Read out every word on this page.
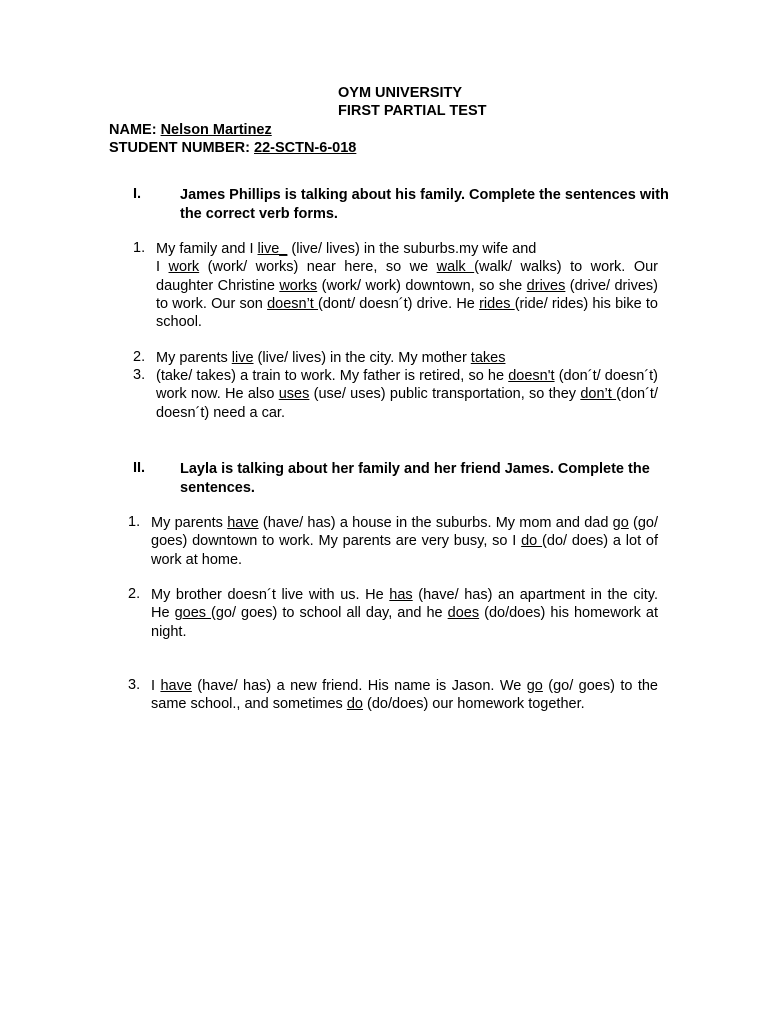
OYM UNIVERSITY
FIRST PARTIAL TEST
NAME: Nelson Martinez
STUDENT NUMBER: 22-SCTN-6-018
I.	James Phillips is talking about his family. Complete the sentences with the correct verb forms.
1. My family and I live_ (live/ lives) in the suburbs.my wife and
I work (work/ works) near here, so we walk (walk/ walks) to work. Our daughter Christine works (work/ work) downtown, so she drives (drive/ drives) to work. Our son doesn’t (dont/ doesn´t) drive. He rides (ride/ rides) his bike to school.
2. My parents live (live/ lives) in the city. My mother takes
3. (take/ takes) a train to work. My father is retired, so he doesn't (don´t/ doesn´t) work now. He also uses (use/ uses) public transportation, so they don’t (don´t/ doesn´t) need a car.
II. Layla is talking about her family and her friend James. Complete the sentences.
1. My parents have (have/ has) a house in the suburbs. My mom and dad go (go/ goes) downtown to work. My parents are very busy, so I do (do/ does) a lot of work at home.
2. My brother doesn´t live with us. He has (have/ has) an apartment in the city. He goes (go/ goes) to school all day, and he does (do/does) his homework at night.
3. I have (have/ has) a new friend. His name is Jason. We go (go/ goes) to the same school., and sometimes do (do/does) our homework together.
